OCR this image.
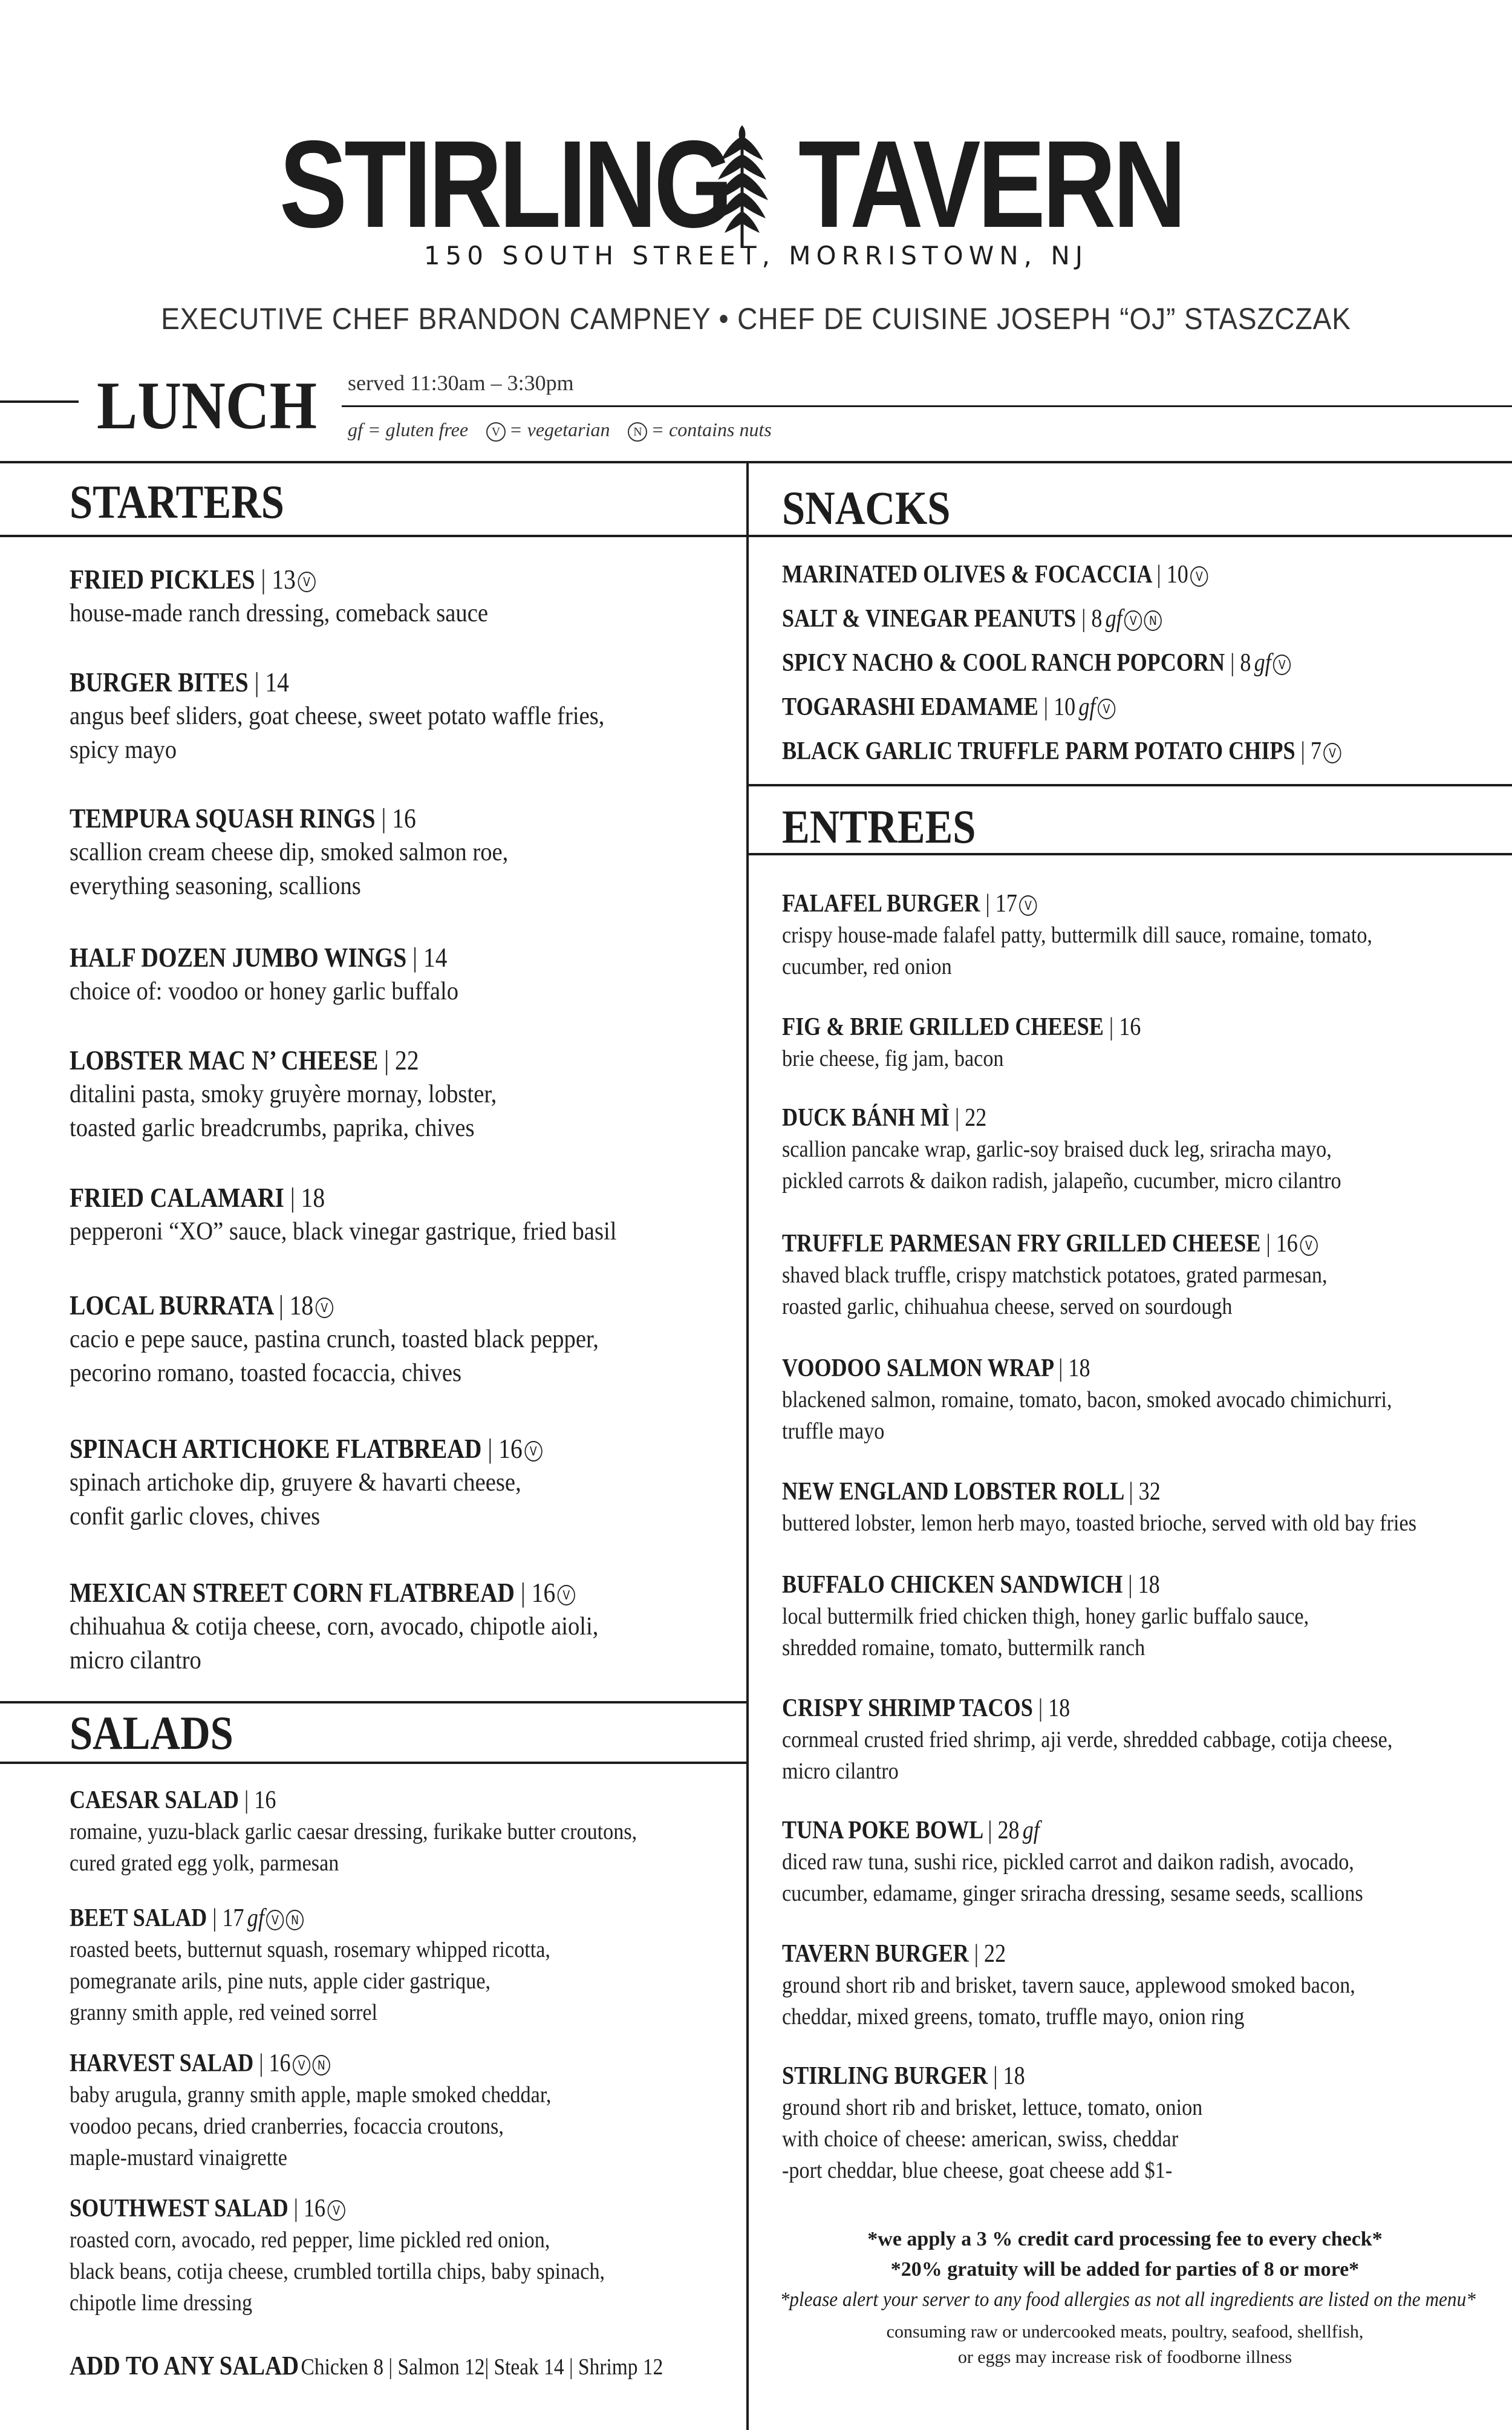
STIRLING TAVERN
150 SOUTH STREET, MORRISTOWN, NJ
EXECUTIVE CHEF BRANDON CAMPNEY • CHEF DE CUISINE JOSEPH “OJ” STASZCZAK
LUNCH served 11:30am – 3:30pm
gf = gluten free V = vegetarian N = contains nuts
STARTERS	SNACKS
ENTREES
SALADS
FRIED PICKLES | 13 V
house-made ranch dressing, comeback sauce
BURGER BITES | 14
angus beef sliders, goat cheese, sweet potato waffle fries,
spicy mayo
TEMPURA SQUASH RINGS | 16
scallion cream cheese dip, smoked salmon roe,
everything seasoning, scallions
HALF DOZEN JUMBO WINGS | 14
choice of: voodoo or honey garlic buffalo
LOBSTER MAC N’ CHEESE | 22
ditalini pasta, smoky gruyère mornay, lobster,
toasted garlic breadcrumbs, paprika, chives
FRIED CALAMARI | 18
pepperoni “XO” sauce, black vinegar gastrique, fried basil
LOCAL BURRATA | 18 V
cacio e pepe sauce, pastina crunch, toasted black pepper,
pecorino romano, toasted focaccia, chives
SPINACH ARTICHOKE FLATBREAD | 16 V
spinach artichoke dip, gruyere & havarti cheese,
confit garlic cloves, chives
MEXICAN STREET CORN FLATBREAD | 16 V
chihuahua & cotija cheese, corn, avocado, chipotle aioli,
micro cilantro
CAESAR SALAD | 16
romaine, yuzu-black garlic caesar dressing, furikake butter croutons,
cured grated egg yolk, parmesan
BEET SALAD | 17 gf V N
roasted beets, butternut squash, rosemary whipped ricotta,
pomegranate arils, pine nuts, apple cider gastrique,
granny smith apple, red veined sorrel
HARVEST SALAD | 16 V N
baby arugula, granny smith apple, maple smoked cheddar,
voodoo pecans, dried cranberries, focaccia croutons,
maple-mustard vinaigrette
SOUTHWEST SALAD | 16 V
roasted corn, avocado, red pepper, lime pickled red onion,
black beans, cotija cheese, crumbled tortilla chips, baby spinach,
chipotle lime dressing
ADD TO ANY SALAD Chicken 8 | Salmon 12| Steak 14 | Shrimp 12
MARINATED OLIVES & FOCACCIA | 10 V
SALT & VINEGAR PEANUTS | 8 gf V N
SPICY NACHO & COOL RANCH POPCORN | 8 gf V
TOGARASHI EDAMAME | 10 gf V
BLACK GARLIC TRUFFLE PARM POTATO CHIPS | 7 V
FALAFEL BURGER | 17 V
crispy house-made falafel patty, buttermilk dill sauce, romaine, tomato,
cucumber, red onion
FIG & BRIE GRILLED CHEESE | 16
brie cheese, fig jam, bacon
DUCK BÁNH MÌ | 22
scallion pancake wrap, garlic-soy braised duck leg, sriracha mayo,
pickled carrots & daikon radish, jalapeño, cucumber, micro cilantro
TRUFFLE PARMESAN FRY GRILLED CHEESE | 16 V
shaved black truffle, crispy matchstick potatoes, grated parmesan,
roasted garlic, chihuahua cheese, served on sourdough
VOODOO SALMON WRAP | 18
blackened salmon, romaine, tomato, bacon, smoked avocado chimichurri,
truffle mayo
NEW ENGLAND LOBSTER ROLL | 32
buttered lobster, lemon herb mayo, toasted brioche, served with old bay fries
BUFFALO CHICKEN SANDWICH | 18
local buttermilk fried chicken thigh, honey garlic buffalo sauce,
shredded romaine, tomato, buttermilk ranch
CRISPY SHRIMP TACOS | 18
cornmeal crusted fried shrimp, aji verde, shredded cabbage, cotija cheese,
micro cilantro
TUNA POKE BOWL | 28 gf
diced raw tuna, sushi rice, pickled carrot and daikon radish, avocado,
cucumber, edamame, ginger sriracha dressing, sesame seeds, scallions
TAVERN BURGER | 22
ground short rib and brisket, tavern sauce, applewood smoked bacon,
cheddar, mixed greens, tomato, truffle mayo, onion ring
STIRLING BURGER | 18
ground short rib and brisket, lettuce, tomato, onion
with choice of cheese: american, swiss, cheddar
-port cheddar, blue cheese, goat cheese add $1-
*we apply a 3 % credit card processing fee to every check*
*20% gratuity will be added for parties of 8 or more*
*please alert your server to any food allergies as not all ingredients are listed on the menu*
consuming raw or undercooked meats, poultry, seafood, shellfish,
or eggs may increase risk of foodborne illness
